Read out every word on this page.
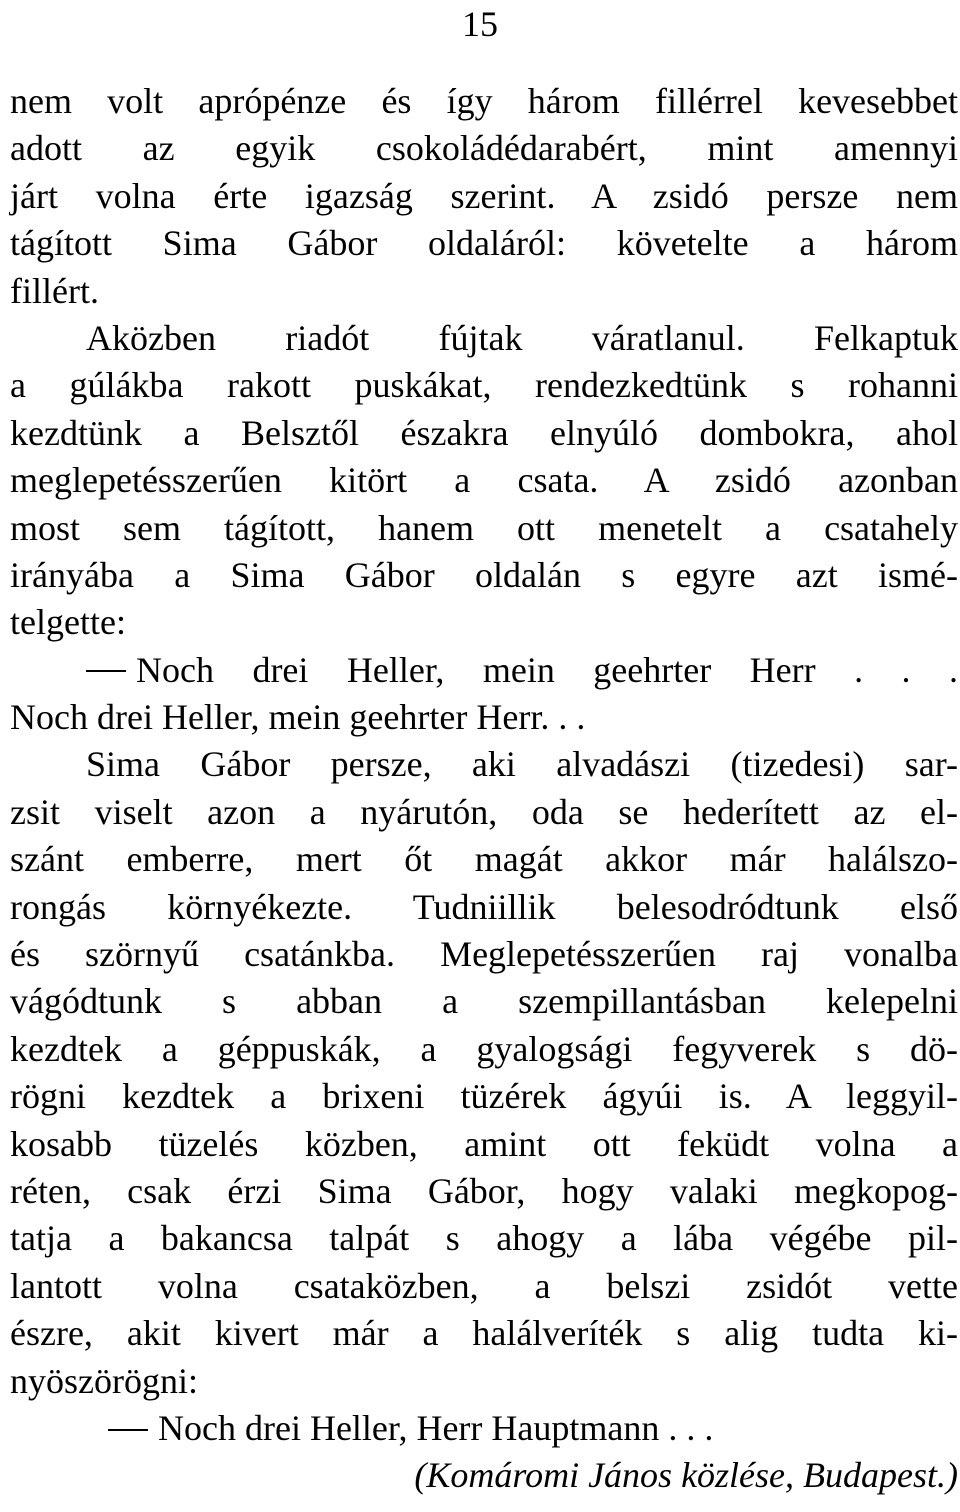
15
nem volt aprópénze és így három fillérrel kevesebbet
adott az egyik csokoládédarabért, mint amennyi
járt volna érte igazság szerint. A zsidó persze nem
tágított Sima Gábor oldaláról: követelte a három
fillért.
Aközben riadót fújtak váratlanul. Felkaptuk
a gúlákba rakott puskákat, rendezkedtünk s rohanni
kezdtünk a Belsztől északra elnyúló dombokra, ahol
meglepetésszerűen kitört a csata. A zsidó azonban
most sem tágított, hanem ott menetelt a csatahely
irányába a Sima Gábor oldalán s egyre azt ismé-
telgette:
Noch drei Heller, mein geehrter Herr . . .
Noch drei Heller, mein geehrter Herr. . .
Sima Gábor persze, aki alvadászi (tizedesi) sar-
zsit viselt azon a nyárutón, oda se hederített az el-
szánt emberre, mert őt magát akkor már halálszo-
rongás környékezte. Tudniillik belesodródtunk első
és szörnyű csatánkba. Meglepetésszerűen raj vonalba
vágódtunk s abban a szempillantásban kelepelni
kezdtek a géppuskák, a gyalogsági fegyverek s dö-
rögni kezdtek a brixeni tüzérek ágyúi is. A leggyil-
kosabb tüzelés közben, amint ott feküdt volna a
réten, csak érzi Sima Gábor, hogy valaki megkopog-
tatja a bakancsa talpát s ahogy a lába végébe pil-
lantott volna csataközben, a belszi zsidót vette
észre, akit kivert már a halálveríték s alig tudta ki-
nyöszörögni:
Noch drei Heller, Herr Hauptmann . . .
(Komáromi János közlése, Budapest.)
